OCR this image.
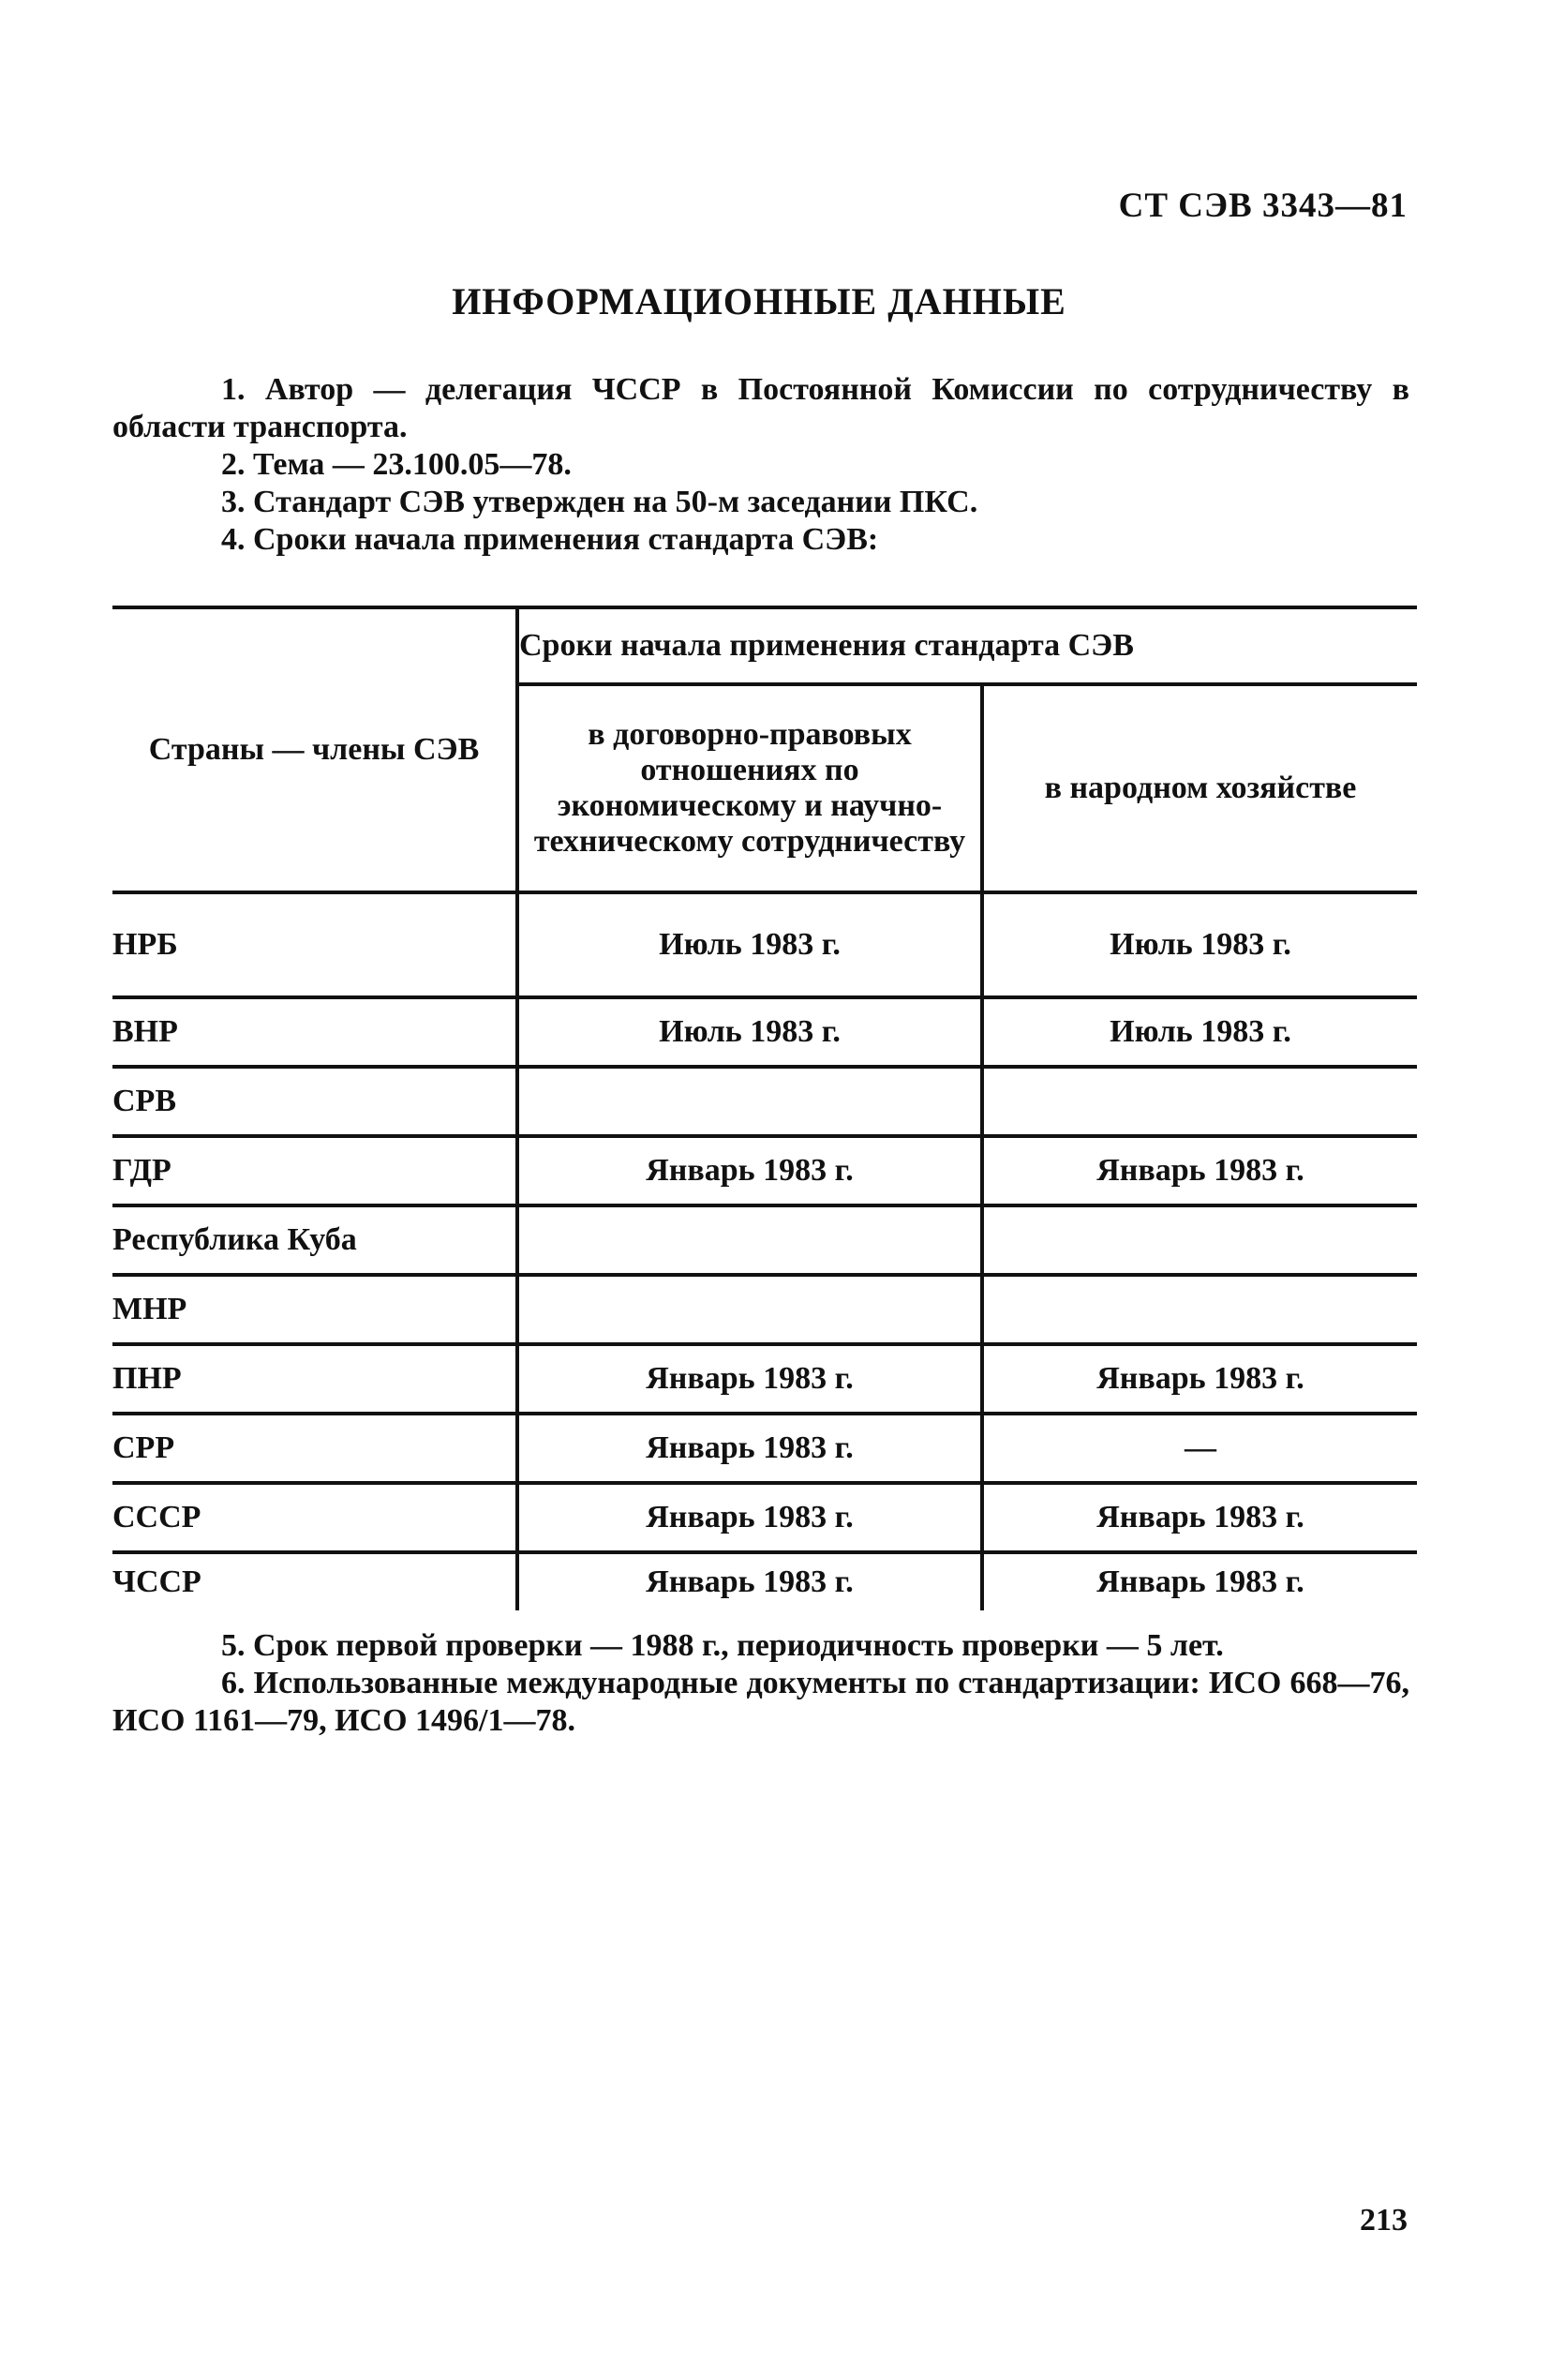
СТ СЭВ 3343—81
ИНФОРМАЦИОННЫЕ ДАННЫЕ

1. Автор — делегация ЧССР в Постоянной Комиссии по сотрудничеству в области транспорта.

2. Тема — 23.100.05—78.

3. Стандарт СЭВ утвержден на 50-м заседании ПКС.

4. Сроки начала применения стандарта СЭВ:

Страны — члены СЭВ	Сроки начала применения стандарта СЭВ	
	в договорно-правовых отношениях по экономическому и научно-техническому сотрудничеству	в народном хозяйстве
НРБ	Июль 1983 г.	Июль 1983 г.
ВНР	Июль 1983 г.	Июль 1983 г.
СРВ		
ГДР	Январь 1983 г.	Январь 1983 г.
Республика Куба		
МНР		
ПНР	Январь 1983 г.	Январь 1983 г.
СРР	Январь 1983 г.	—
СССР	Январь 1983 г.	Январь 1983 г.
ЧССР	Январь 1983 г.	Январь 1983 г.

5. Срок первой проверки — 1988 г., периодичность проверки — 5 лет.

6. Использованные международные документы по стандартизации: ИСО 668—76, ИСО 1161—79, ИСО 1496/1—78.

213
